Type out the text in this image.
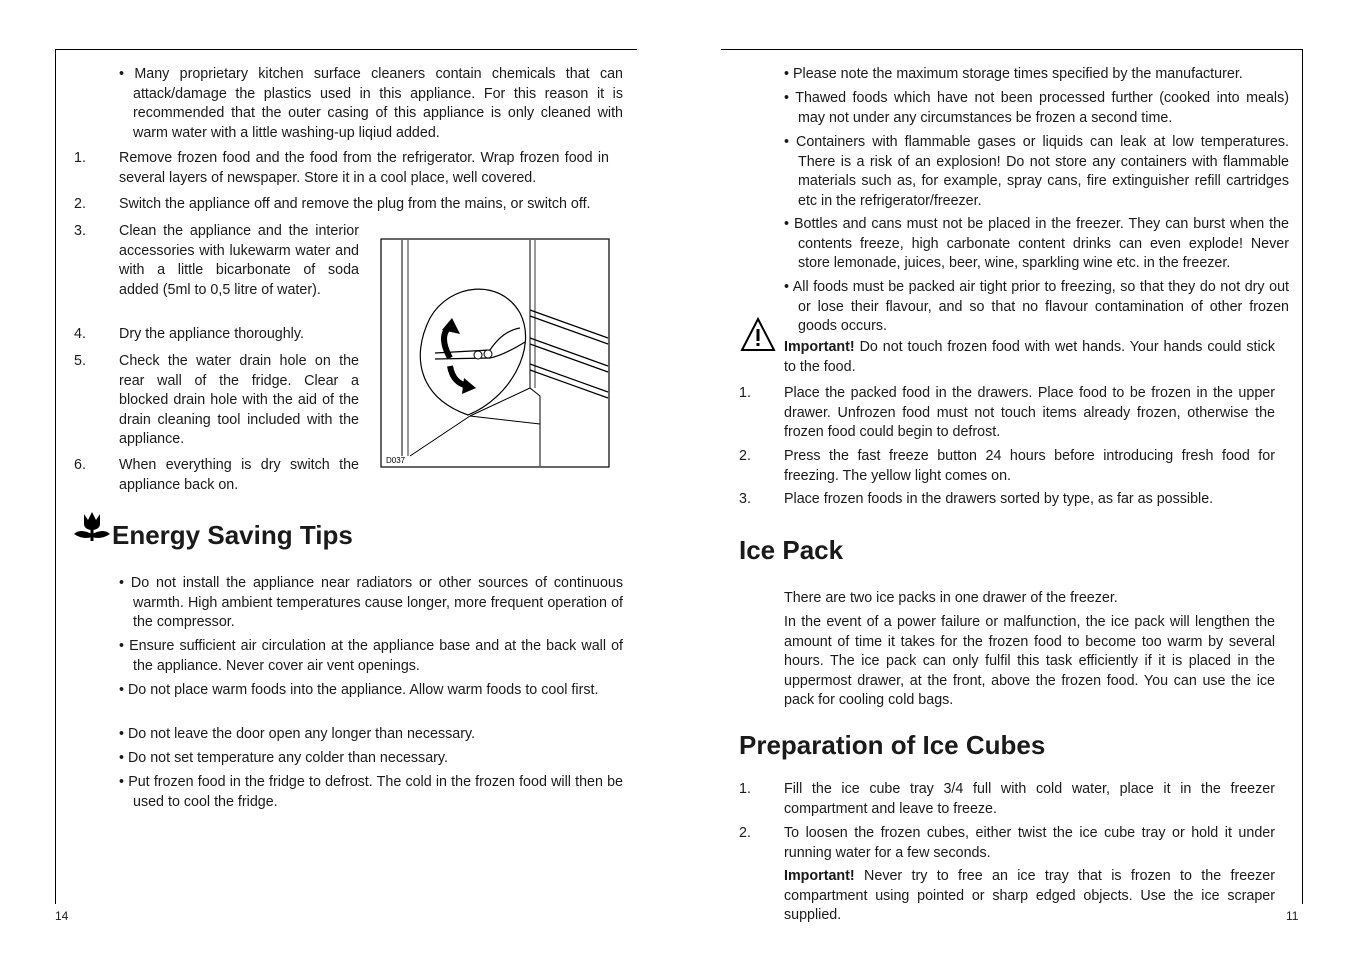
14
• Many proprietary kitchen surface cleaners contain chemicals that can attack/damage the plastics used in this appliance. For this reason it is recommended that the outer casing of this appliance is only cleaned with warm water with a little washing-up liqiud added.
1. Remove frozen food and the food from the refrigerator. Wrap frozen food in several layers of newspaper. Store it in a cool place, well covered.
2. Switch the appliance off and remove the plug from the mains, or switch off.
3. Clean the appliance and the interior accessories with lukewarm water and with a little bicarbonate of soda added (5ml to 0,5 litre of water).
4. Dry the appliance thoroughly.
5. Check the water drain hole on the rear wall of the fridge. Clear a blocked drain hole with the aid of the drain cleaning tool included with the appliance.
6. When everything is dry switch the appliance back on.
D037
Energy Saving Tips
• Do not install the appliance near radiators or other sources of continuous warmth. High ambient temperatures cause longer, more frequent operation of the compressor.
• Ensure sufficient air circulation at the appliance base and at the back wall of the appliance. Never cover air vent openings.
• Do not place warm foods into the appliance. Allow warm foods to cool first.
• Do not leave the door open any longer than necessary.
• Do not set temperature any colder than necessary.
• Put frozen food in the fridge to defrost. The cold in the frozen food will then be used to cool the fridge.
11
• Please note the maximum storage times specified by the manufacturer.
• Thawed foods which have not been processed further (cooked into meals) may not under any circumstances be frozen a second time.
• Containers with flammable gases or liquids can leak at low temperatures. There is a risk of an explosion! Do not store any containers with flammable materials such as, for example, spray cans, fire extinguisher refill cartridges etc in the refrigerator/freezer.
• Bottles and cans must not be placed in the freezer. They can burst when the contents freeze, high carbonate content drinks can even explode! Never store lemonade, juices, beer, wine, sparkling wine etc. in the freezer.
• All foods must be packed air tight prior to freezing, so that they do not dry out or lose their flavour, and so that no flavour contamination of other frozen goods occurs.
Important! Do not touch frozen food with wet hands. Your hands could stick to the food.
1. Place the packed food in the drawers. Place food to be frozen in the upper drawer. Unfrozen food must not touch items already frozen, otherwise the frozen food could begin to defrost.
2. Press the fast freeze button 24 hours before introducing fresh food for freezing. The yellow light comes on.
3. Place frozen foods in the drawers sorted by type, as far as possible.
Ice Pack
There are two ice packs in one drawer of the freezer.
In the event of a power failure or malfunction, the ice pack will lengthen the amount of time it takes for the frozen food to become too warm by several hours. The ice pack can only fulfil this task efficiently if it is placed in the uppermost drawer, at the front, above the frozen food. You can use the ice pack for cooling cold bags.
Preparation of Ice Cubes
1. Fill the ice cube tray 3/4 full with cold water, place it in the freezer compartment and leave to freeze.
2. To loosen the frozen cubes, either twist the ice cube tray or hold it under running water for a few seconds.
Important! Never try to free an ice tray that is frozen to the freezer compartment using pointed or sharp edged objects. Use the ice scraper supplied.
